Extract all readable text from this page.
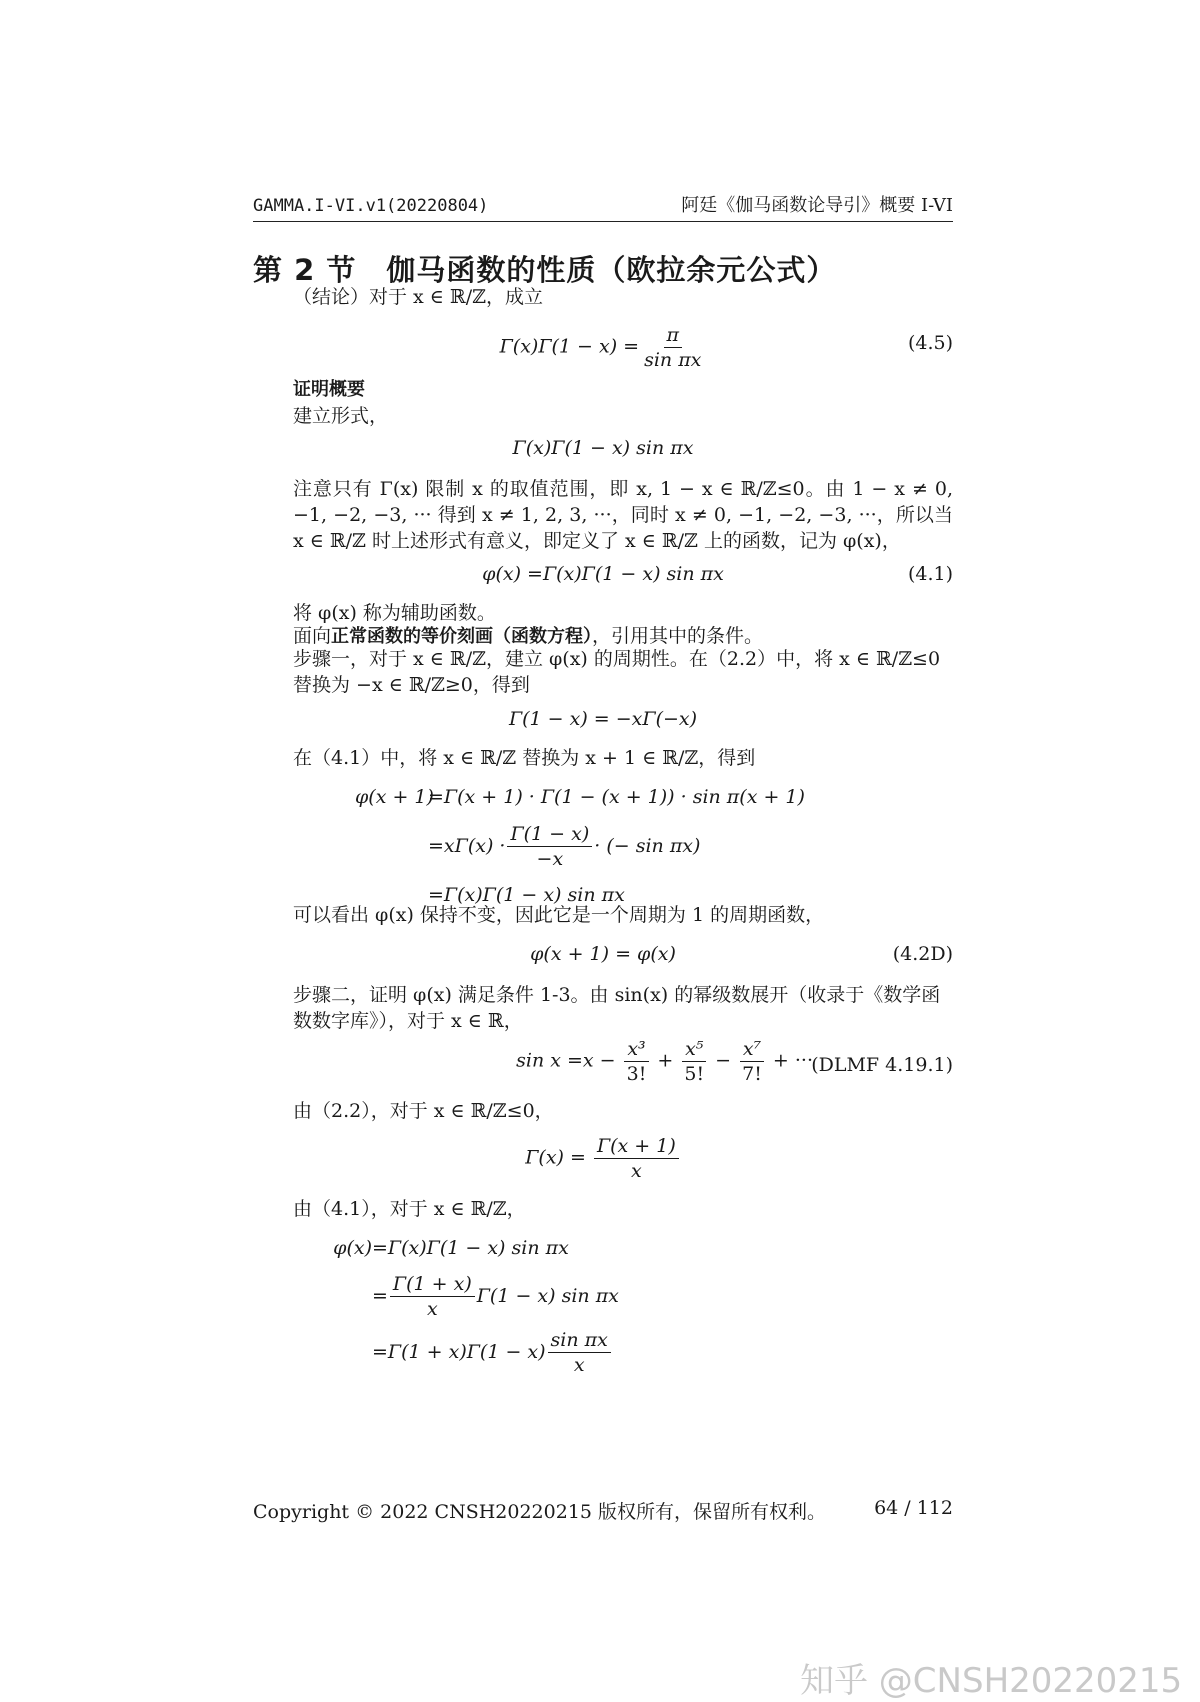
GAMMA.I-VI.v1(20220804)	阿廷《伽马函数论导引》概要 I-VI
第 2 节　伽马函数的性质（欧拉余元公式）
（结论）对于 x ∈ ℝ/ℤ，成立
$\Gamma(x)\Gamma(1 - x) = \frac{\pi}{\text{sin πx}}$	(4.5)
证明概要
建立形式，
Γ(x)Γ(1 − x) sin πx
注意只有 Γ(x) 限制 x 的取值范围，即 x, 1 − x ∈ ℝ/ℤ≤0。由 1 − x ≠ 0, −1, −2, −3, ··· 得到 x ≠ 1, 2, 3, ···，同时 x ≠ 0, −1, −2, −3, ···，所以当 x ∈ ℝ/ℤ 时上述形式有意义，即定义了 x ∈ ℝ/ℤ 上的函数，记为 φ(x)，
φ(x) =Γ(x)Γ(1 − x) sin πx	(4.1)
将 φ(x) 称为辅助函数。
面向正常函数的等价刻画（函数方程），引用其中的条件。
步骤一，对于 x ∈ ℝ/ℤ，建立 φ(x) 的周期性。在（2.2）中，将 x ∈ ℝ/ℤ≤0 替换为 −x ∈ ℝ/ℤ≥0，得到
Γ(1 − x) = −xΓ(−x)
在（4.1）中，将 x ∈ ℝ/ℤ 替换为 x + 1 ∈ ℝ/ℤ，得到
φ(x + 1)
=Γ(x + 1) · Γ(1 − (x + 1)) · sin π(x + 1)
$=x\Gamma(x) \cdot \frac{\Gamma(1 - x)}{-x}$ · (− sin πx)
=Γ(x)Γ(1 − x) sin πx
可以看出 φ(x) 保持不变，因此它是一个周期为 1 的周期函数，
φ(x + 1) = φ(x)	(4.2D)
步骤二，证明 φ(x) 满足条件 1-3。由 sin(x) 的幂级数展开（收录于《数学函数数字库》），对于 x ∈ ℝ，
$\sin x =x - \frac{\text{x³}}{3!} + \frac{\text{x⁵}}{5!} - \frac{\text{x⁷}}{7!}$ + ···
(DLMF 4.19.1)
由（2.2），对于 x ∈ ℝ/ℤ≤0，
$\Gamma(x) = \frac{\Gamma(x + 1)}{x}$
由（4.1），对于 x ∈ ℝ/ℤ，
φ(x) =Γ(x)Γ(1 − x) sin πx
= $\frac{\Gamma(1 + x)}{x} \Gamma(1 - x)$ sin πx
$=\Gamma(1 + x)\Gamma(1 - x) \frac{\text{sin πx}}{x}$
Copyright © 2022 CNSH20220215 版权所有，保留所有权利。	64 / 112
知乎 @CNSH20220215
